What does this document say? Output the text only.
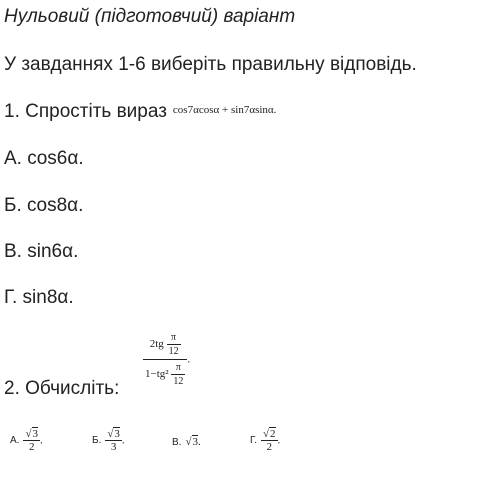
Нульовий (підготовчий) варіант
У завданнях 1-6 виберіть правильну відповідь.
1. Спростіть вираз $^{cos7\alpha cos\alpha + sin7\alpha sin\alpha.}$
А. cos6α.
Б. cos8α.
В. sin6α.
Г. sin8α.
$\frac{2tg \frac{\pi}{12}}{1-tg^2 \frac{\pi}{12}}$ .
2. Обчисліть:
А. $\frac{√3}{2}$ .	Б. $\frac{√3}{3}$ .	В. √3.	Г. $\frac{√2}{2}$ .
